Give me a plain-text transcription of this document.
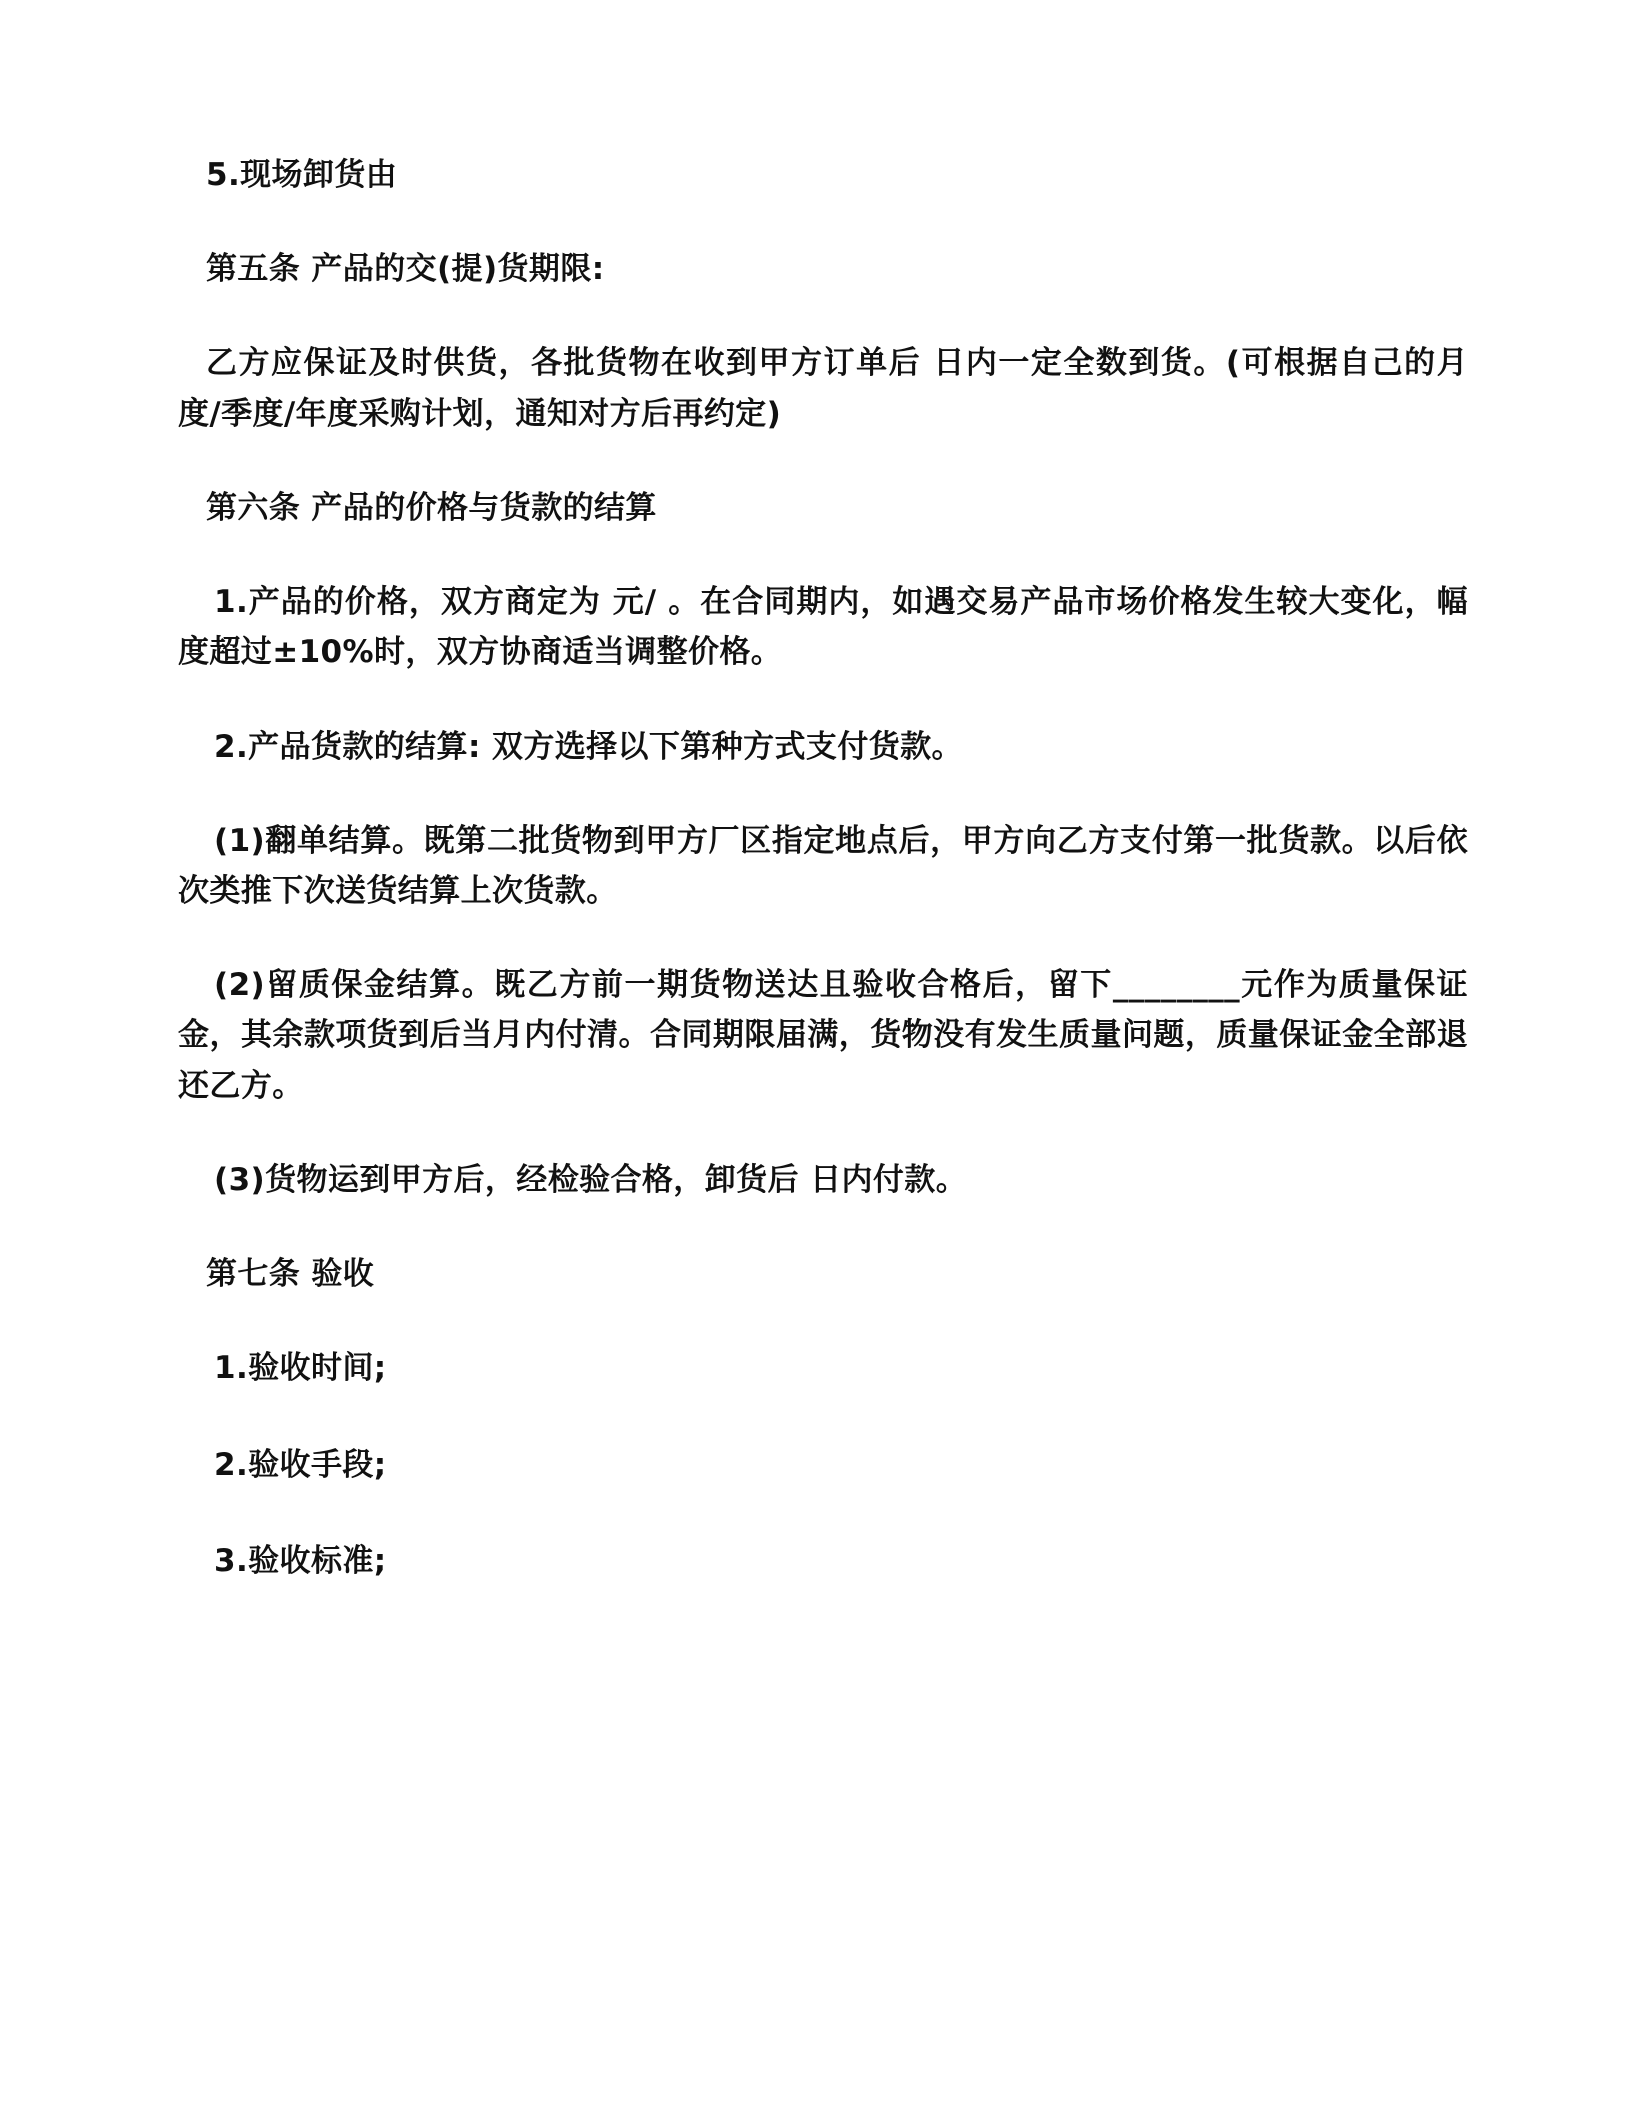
5.现场卸货由

第五条 产品的交(提)货期限:

乙方应保证及时供货，各批货物在收到甲方订单后 日内一定全数到货。(可根据自己的月度/季度/年度采购计划，通知对方后再约定)

第六条 产品的价格与货款的结算

1.产品的价格，双方商定为 元/ 。在合同期内，如遇交易产品市场价格发生较大变化，幅度超过±10%时，双方协商适当调整价格。

2.产品货款的结算: 双方选择以下第种方式支付货款。

(1)翻单结算。既第二批货物到甲方厂区指定地点后，甲方向乙方支付第一批货款。以后依次类推下次送货结算上次货款。

(2)留质保金结算。既乙方前一期货物送达且验收合格后，留下________元作为质量保证金，其余款项货到后当月内付清。合同期限届满，货物没有发生质量问题，质量保证金全部退还乙方。

(3)货物运到甲方后，经检验合格，卸货后 日内付款。

第七条 验收

1.验收时间;

2.验收手段;

3.验收标准;
